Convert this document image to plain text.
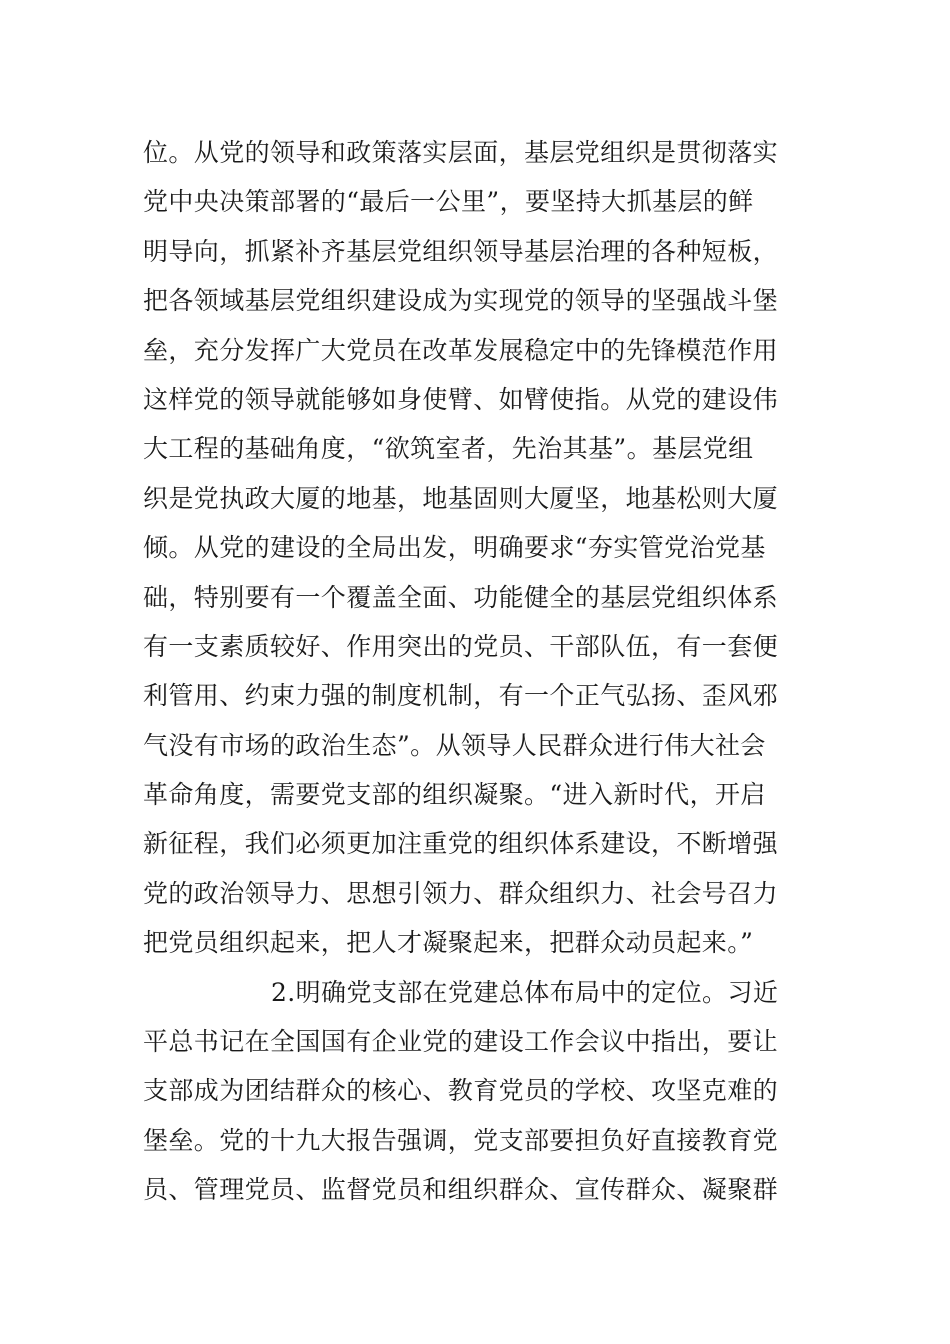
位。从党的领导和政策落实层面，基层党组织是贯彻落实
党中央决策部署的“最后一公里”，要坚持大抓基层的鲜
明导向，抓紧补齐基层党组织领导基层治理的各种短板，
把各领域基层党组织建设成为实现党的领导的坚强战斗堡
垒，充分发挥广大党员在改革发展稳定中的先锋模范作用
这样党的领导就能够如身使臂、如臂使指。从党的建设伟
大工程的基础角度，“欲筑室者，先治其基”。基层党组
织是党执政大厦的地基，地基固则大厦坚，地基松则大厦
倾。从党的建设的全局出发，明确要求“夯实管党治党基
础，特别要有一个覆盖全面、功能健全的基层党组织体系
有一支素质较好、作用突出的党员、干部队伍，有一套便
利管用、约束力强的制度机制，有一个正气弘扬、歪风邪
气没有市场的政治生态”。从领导人民群众进行伟大社会
革命角度，需要党支部的组织凝聚。“进入新时代，开启
新征程，我们必须更加注重党的组织体系建设，不断增强
党的政治领导力、思想引领力、群众组织力、社会号召力
把党员组织起来，把人才凝聚起来，把群众动员起来。”
2.明确党支部在党建总体布局中的定位。习近
平总书记在全国国有企业党的建设工作会议中指出，要让
支部成为团结群众的核心、教育党员的学校、攻坚克难的
堡垒。党的十九大报告强调，党支部要担负好直接教育党
员、管理党员、监督党员和组织群众、宣传群众、凝聚群
